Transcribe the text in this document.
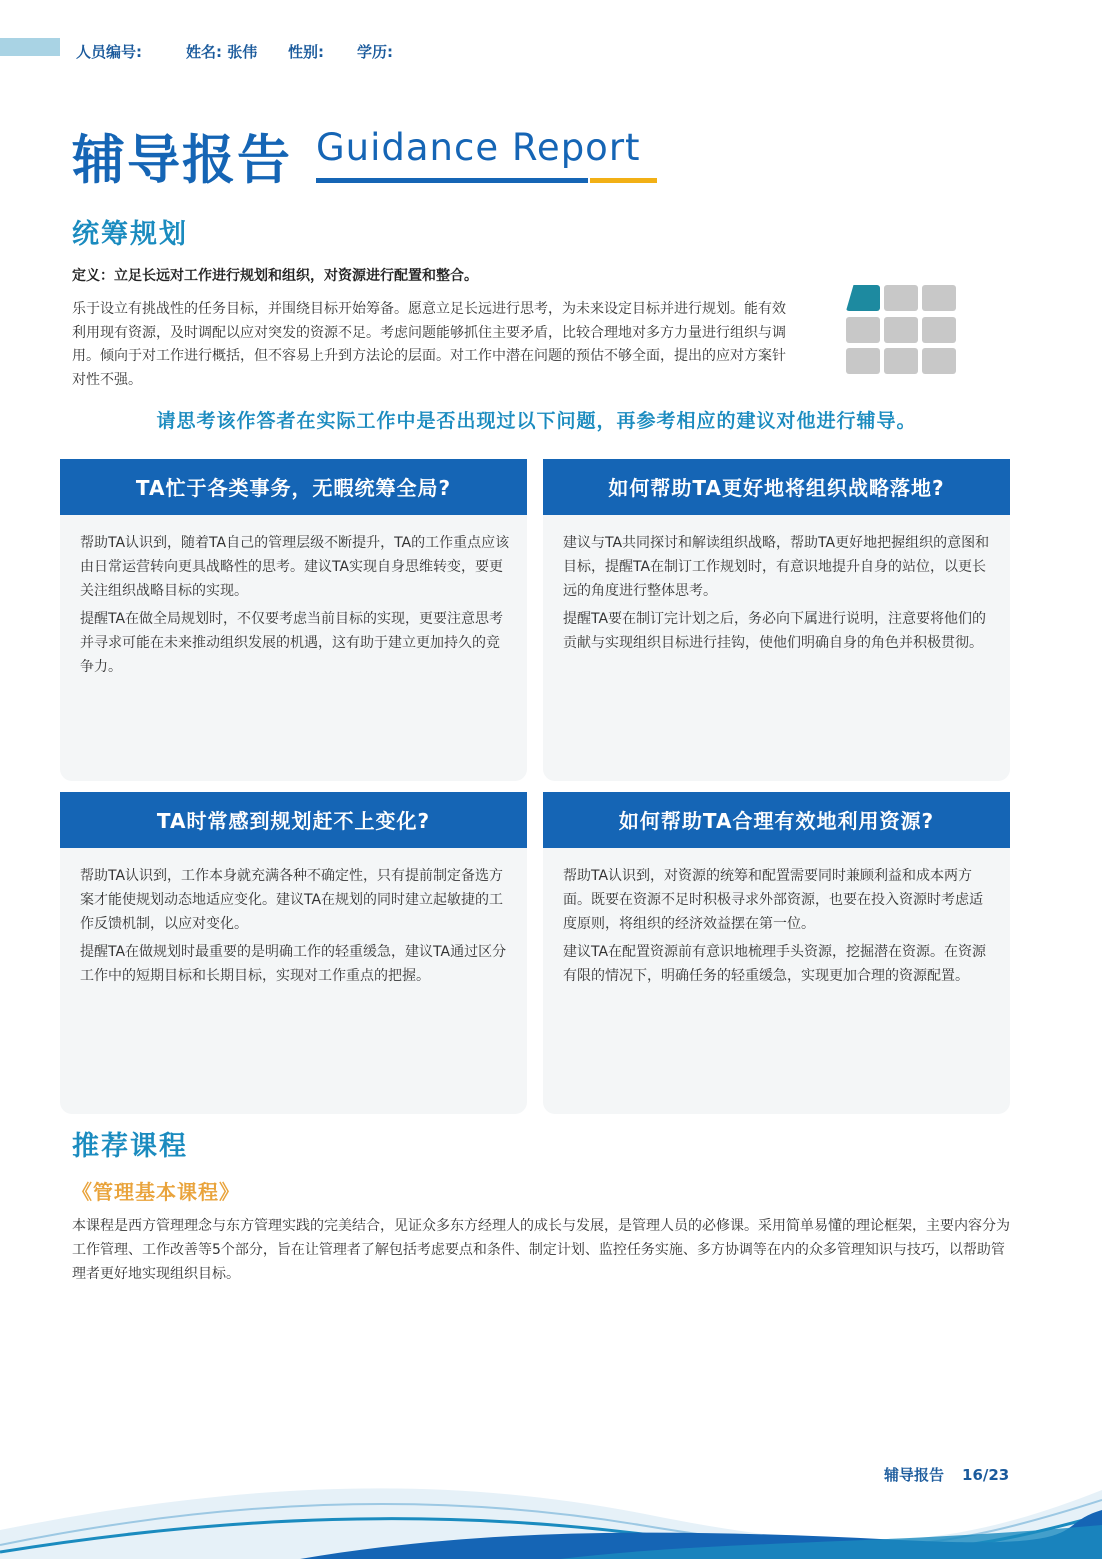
人员编号:	姓名: 张伟 性别: 学历:
辅导报告 Guidance Report
统筹规划
定义：立足长远对工作进行规划和组织，对资源进行配置和整合。
乐于设立有挑战性的任务目标，并围绕目标开始筹备。愿意立足长远进行思考，为未来设定目标并进行规划。能有效利用现有资源，及时调配以应对突发的资源不足。考虑问题能够抓住主要矛盾，比较合理地对多方力量进行组织与调用。倾向于对工作进行概括，但不容易上升到方法论的层面。对工作中潜在问题的预估不够全面，提出的应对方案针对性不强。
请思考该作答者在实际工作中是否出现过以下问题，再参考相应的建议对他进行辅导。
TA忙于各类事务，无暇统筹全局?

帮助TA认识到，随着TA自己的管理层级不断提升，TA的工作重点应该由日常运营转向更具战略性的思考。建议TA实现自身思维转变，要更关注组织战略目标的实现。

提醒TA在做全局规划时，不仅要考虑当前目标的实现，更要注意思考并寻求可能在未来推动组织发展的机遇，这有助于建立更加持久的竞争力。

如何帮助TA更好地将组织战略落地?

建议与TA共同探讨和解读组织战略，帮助TA更好地把握组织的意图和目标，提醒TA在制订工作规划时，有意识地提升自身的站位，以更长远的角度进行整体思考。

提醒TA要在制订完计划之后，务必向下属进行说明，注意要将他们的贡献与实现组织目标进行挂钩，使他们明确自身的角色并积极贯彻。

TA时常感到规划赶不上变化?

帮助TA认识到，工作本身就充满各种不确定性，只有提前制定备选方案才能使规划动态地适应变化。建议TA在规划的同时建立起敏捷的工作反馈机制，以应对变化。

提醒TA在做规划时最重要的是明确工作的轻重缓急，建议TA通过区分工作中的短期目标和长期目标，实现对工作重点的把握。

如何帮助TA合理有效地利用资源?

帮助TA认识到，对资源的统筹和配置需要同时兼顾利益和成本两方面。既要在资源不足时积极寻求外部资源，也要在投入资源时考虑适度原则，将组织的经济效益摆在第一位。

建议TA在配置资源前有意识地梳理手头资源，挖掘潜在资源。在资源有限的情况下，明确任务的轻重缓急，实现更加合理的资源配置。

推荐课程
《管理基本课程》
本课程是西方管理理念与东方管理实践的完美结合，见证众多东方经理人的成长与发展，是管理人员的必修课。采用简单易懂的理论框架，主要内容分为工作管理、工作改善等5个部分，旨在让管理者了解包括考虑要点和条件、制定计划、监控任务实施、多方协调等在内的众多管理知识与技巧，以帮助管理者更好地实现组织目标。
辅导报告 16/23
